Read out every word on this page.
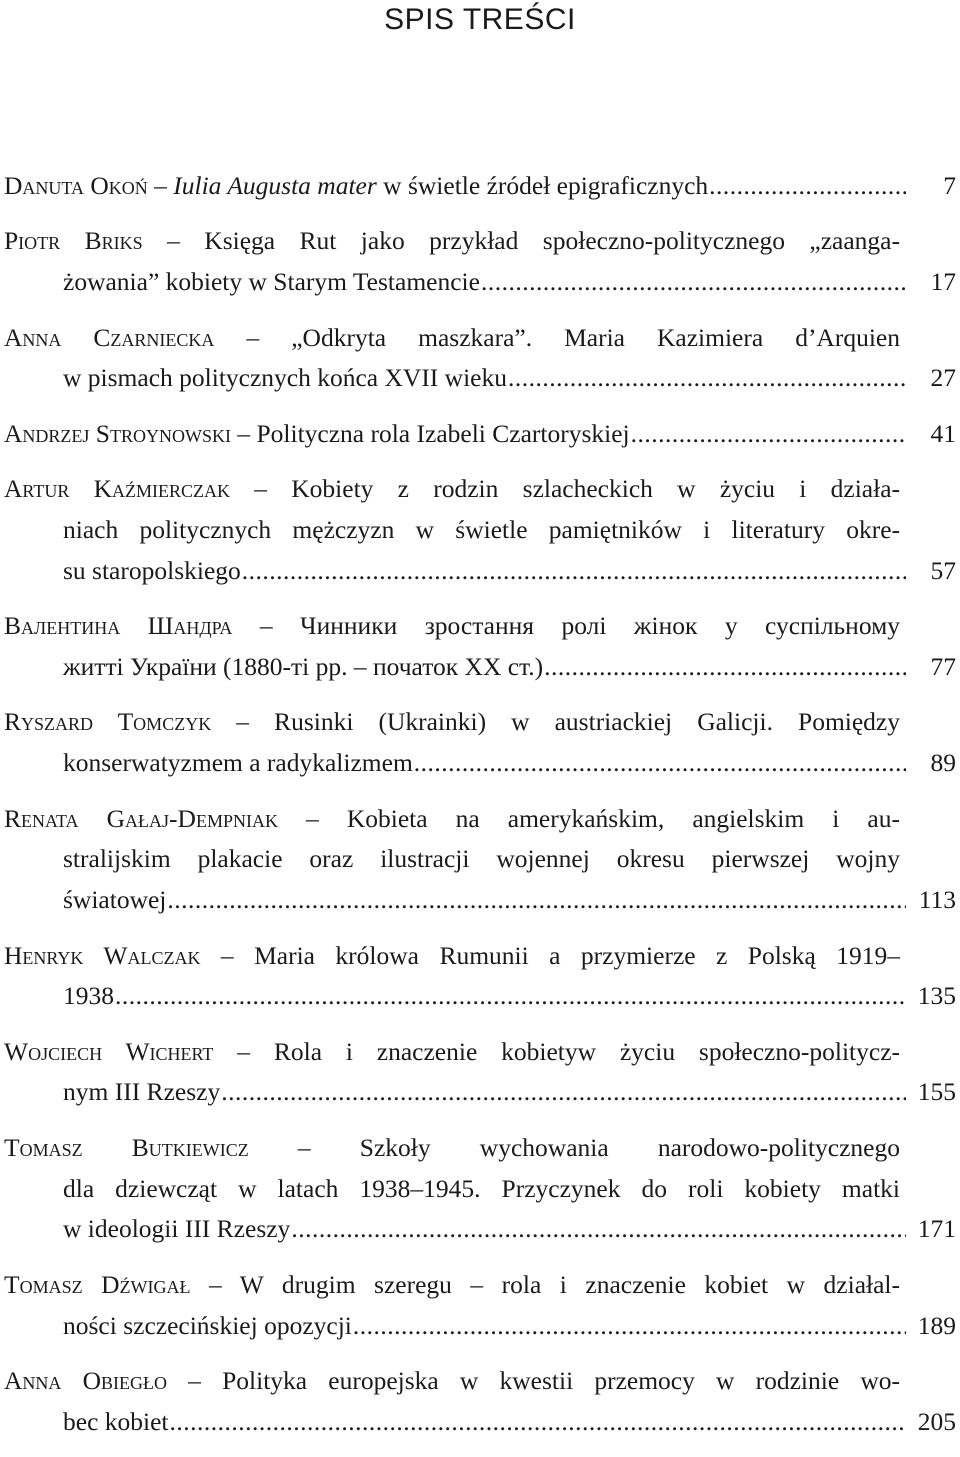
SPIS TREŚCI
Danuta Okoń – Iulia Augusta mater w świetle źródeł epigraficznych .....	7
Piotr Briks – Księga Rut jako przykład społeczno-politycznego „zaanga-
żowania” kobiety w Starym Testamencie .....	17
Anna Czarniecka – „Odkryta maszkara”. Maria Kazimiera d’Arquien
w pismach politycznych końca XVII wieku .....	27
Andrzej Stroynowski – Polityczna rola Izabeli Czartoryskiej .....	41
Artur Kaźmierczak – Kobiety z rodzin szlacheckich w życiu i działa-
niach politycznych mężczyzn w świetle pamiętników i literatury okre-
su staropolskiego .....	57
Валентина Шандра – Чинники зростання ролі жінок у суспільному
житті України (1880-ті рр. – початок ХХ ст.) .....	77
Ryszard Tomczyk – Rusinki (Ukrainki) w austriackiej Galicji. Pomiędzy
konserwatyzmem a radykalizmem .....	89
Renata Gałaj-Dempniak – Kobieta na amerykańskim, angielskim i au-
stralijskim plakacie oraz ilustracji wojennej okresu pierwszej wojny
światowej .....	113
Henryk Walczak – Maria królowa Rumunii a przymierze z Polską 1919–
1938 .....	135
Wojciech Wichert – Rola i znaczenie kobietyw życiu społeczno-politycz-
nym III Rzeszy .....	155
Tomasz Butkiewicz – Szkoły wychowania narodowo-politycznego
dla dziewcząt w latach 1938–1945. Przyczynek do roli kobiety matki
w ideologii III Rzeszy .....	171
Tomasz Dźwigał – W drugim szeregu – rola i znaczenie kobiet w działal-
ności szczecińskiej opozycji .....	189
Anna Obiegło – Polityka europejska w kwestii przemocy w rodzinie wo-
bec kobiet .....	205
